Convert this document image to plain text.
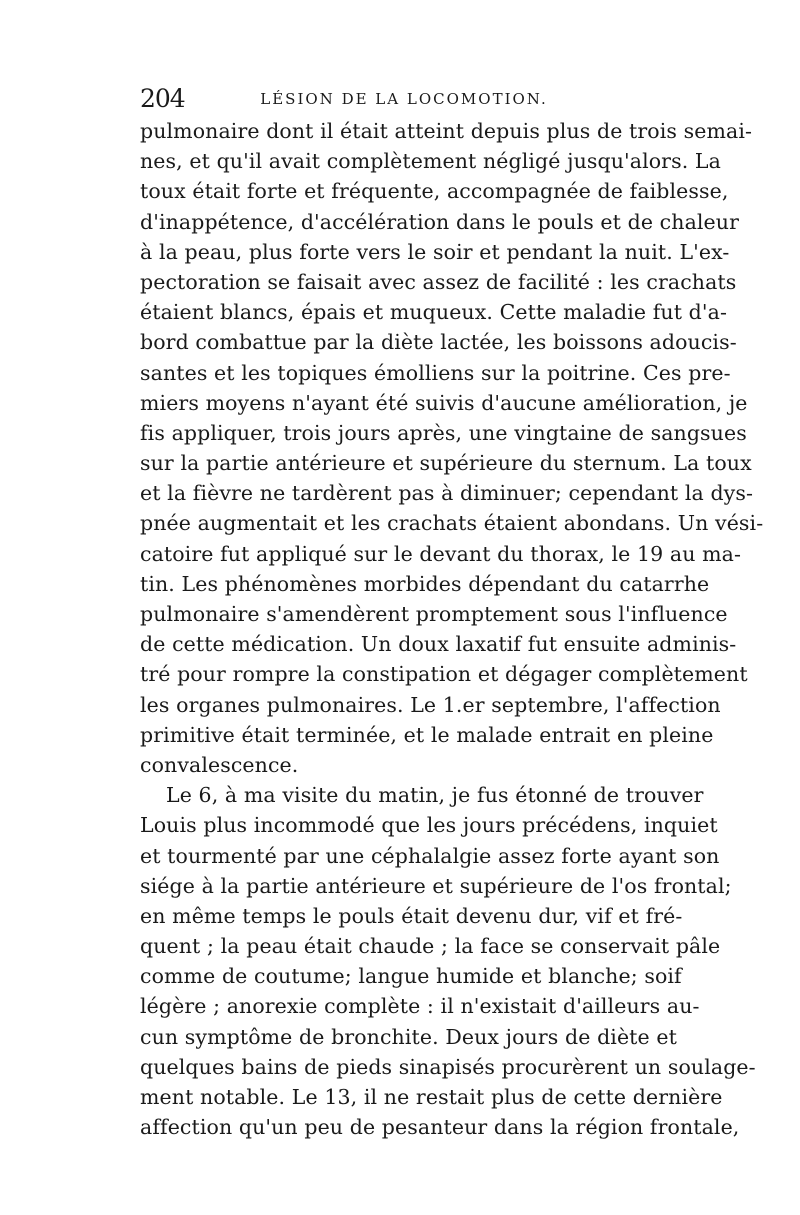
204	LÉSION DE LA LOCOMOTION.
pulmonaire dont il était atteint depuis plus de trois semai-
nes, et qu'il avait complètement négligé jusqu'alors. La
toux était forte et fréquente, accompagnée de faiblesse,
d'inappétence, d'accélération dans le pouls et de chaleur
à la peau, plus forte vers le soir et pendant la nuit. L'ex-
pectoration se faisait avec assez de facilité : les crachats
étaient blancs, épais et muqueux. Cette maladie fut d'a-
bord combattue par la diète lactée, les boissons adoucis-
santes et les topiques émolliens sur la poitrine. Ces pre-
miers moyens n'ayant été suivis d'aucune amélioration, je
fis appliquer, trois jours après, une vingtaine de sangsues
sur la partie antérieure et supérieure du sternum. La toux
et la fièvre ne tardèrent pas à diminuer; cependant la dys-
pnée augmentait et les crachats étaient abondans. Un vési-
catoire fut appliqué sur le devant du thorax, le 19 au ma-
tin. Les phénomènes morbides dépendant du catarrhe
pulmonaire s'amendèrent promptement sous l'influence
de cette médication. Un doux laxatif fut ensuite adminis-
tré pour rompre la constipation et dégager complètement
les organes pulmonaires. Le 1.er septembre, l'affection
primitive était terminée, et le malade entrait en pleine
convalescence.
Le 6, à ma visite du matin, je fus étonné de trouver
Louis plus incommodé que les jours précédens, inquiet
et tourmenté par une céphalalgie assez forte ayant son
siége à la partie antérieure et supérieure de l'os frontal;
en même temps le pouls était devenu dur, vif et fré-
quent ; la peau était chaude ; la face se conservait pâle
comme de coutume; langue humide et blanche; soif
légère ; anorexie complète : il n'existait d'ailleurs au-
cun symptôme de bronchite. Deux jours de diète et
quelques bains de pieds sinapisés procurèrent un soulage-
ment notable. Le 13, il ne restait plus de cette dernière
affection qu'un peu de pesanteur dans la région frontale,
